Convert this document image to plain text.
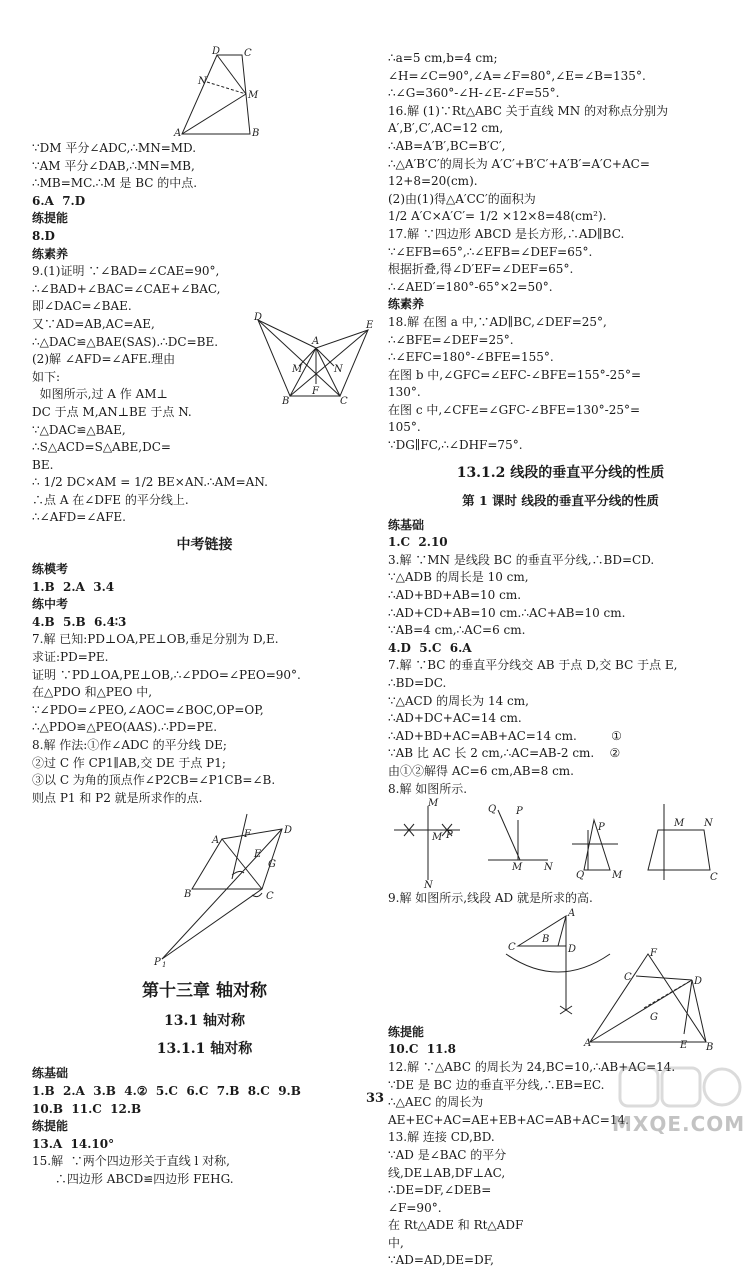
D C
N
M
A	B
∵DM 平分∠ADC,∴MN=MD.
∵AM 平分∠DAB,∴MN=MB,
∴MB=MC.∴M 是 BC 的中点.
6.A  7.D
练提能
8.D
练素养
9.(1)证明 ∵∠BAD=∠CAE=90°,
∴∠BAD+∠BAC=∠CAE+∠BAC,
即∠DAC=∠BAE.
又∵AD=AB,AC=AE,
∴△DAC≌△BAE(SAS).∴DC=BE.
(2)解 ∠AFD=∠AFE.理由
如下:
如图所示,过 A 作 AM⊥
DC 于点 M,AN⊥BE 于点 N.
∵△DAC≌△BAE,
∴S△ACD=S△ABE,DC=
BE.
∴ 1/2 DC×AM = 1/2 BE×AN.∴AM=AN.
∴点 A 在∠DFE 的平分线上.
∴∠AFD=∠AFE.
中考链接
练模考
1.B  2.A  3.4
练中考
4.B  5.B  6.4∶3
7.解 已知:PD⊥OA,PE⊥OB,垂足分别为 D,E.
求证:PD=PE.
证明 ∵PD⊥OA,PE⊥OB,∴∠PDO=∠PEO=90°.
在△PDO 和△PEO 中,
∵∠PDO=∠PEO,∠AOC=∠BOC,OP=OP,
∴△PDO≌△PEO(AAS).∴PD=PE.
8.解 作法:①作∠ADC 的平分线 DE;
②过 C 作 CP1∥AB,交 DE 于点 P1;
③以 C 为角的顶点作∠P2CB=∠P1CB=∠B.
则点 P1 和 P2 就是所求作的点.
A
F	D
E
G
B	C
P 1
第十三章 轴对称
13.1 轴对称
13.1.1 轴对称
练基础
1.B  2.A  3.B  4.②  5.C  6.C  7.B  8.C  9.B
10.B  11.C  12.B
练提能
13.A  14.10°
15.解  ∵两个四边形关于直线 l 对称,
∴四边形 ABCD≌四边形 FEHG.
D
E
A
M	N
F
B	C
∴a=5 cm,b=4 cm;
∠H=∠C=90°,∠A=∠F=80°,∠E=∠B=135°.
∴∠G=360°-∠H-∠E-∠F=55°.
16.解 (1)∵Rt△ABC 关于直线 MN 的对称点分别为
A′,B′,C′,AC=12 cm,
∴AB=A′B′,BC=B′C′,
∴△A′B′C′的周长为 A′C′+B′C′+A′B′=A′C+AC=
12+8=20(cm).
(2)由(1)得△A′CC′的面积为
1/2 A′C×A′C′= 1/2 ×12×8=48(cm²).
17.解 ∵四边形 ABCD 是长方形,∴AD∥BC.
∵∠EFB=65°,∴∠EFB=∠DEF=65°.
根据折叠,得∠D′EF=∠DEF=65°.
∴∠AED′=180°-65°×2=50°.
练素养
18.解 在图 a 中,∵AD∥BC,∠DEF=25°,
∴∠BFE=∠DEF=25°.
∴∠EFC=180°-∠BFE=155°.
在图 b 中,∠GFC=∠EFC-∠BFE=155°-25°=
130°.
在图 c 中,∠CFE=∠GFC-∠BFE=130°-25°=
105°.
∵DG∥FC,∴∠DHF=75°.
13.1.2 线段的垂直平分线的性质
第 1 课时 线段的垂直平分线的性质
练基础
1.C  2.10
3.解 ∵MN 是线段 BC 的垂直平分线,∴BD=CD.
∵△ADB 的周长是 10 cm,
∴AD+BD+AB=10 cm.
∴AD+CD+AB=10 cm.∴AC+AB=10 cm.
∵AB=4 cm,∴AC=6 cm.
4.D  5.C  6.A
7.解 ∵BC 的垂直平分线交 AB 于点 D,交 BC 于点 E,
∴BD=DC.
∵△ACD 的周长为 14 cm,
∴AD+DC+AC=14 cm.
∴AD+BD+AC=AB+AC=14 cm.         ①
∵AB 比 AC 长 2 cm,∴AC=AB-2 cm.    ②
由①②解得 AC=6 cm,AB=8 cm.
8.解 如图所示.
M
M P
N
Q P
M N
P
Q	M
M N
C
9.解 如图所示,线段 AD 就是所求的高.
C
B
A
D
练提能
10.C  11.8
12.解 ∵△ABC 的周长为 24,BC=10,∴AB+AC=14.
∵DE 是 BC 边的垂直平分线,∴EB=EC.
∴△AEC 的周长为
AE+EC+AC=AE+EB+AC=AB+AC=14.
13.解 连接 CD,BD.
∵AD 是∠BAC 的平分
线,DE⊥AB,DF⊥AC,
∴DE=DF,∠DEB=
∠F=90°.
在 Rt△ADE 和 Rt△ADF
中,
∵AD=AD,DE=DF,
F
C	D
G
A	E B
33
MXQE.COM
